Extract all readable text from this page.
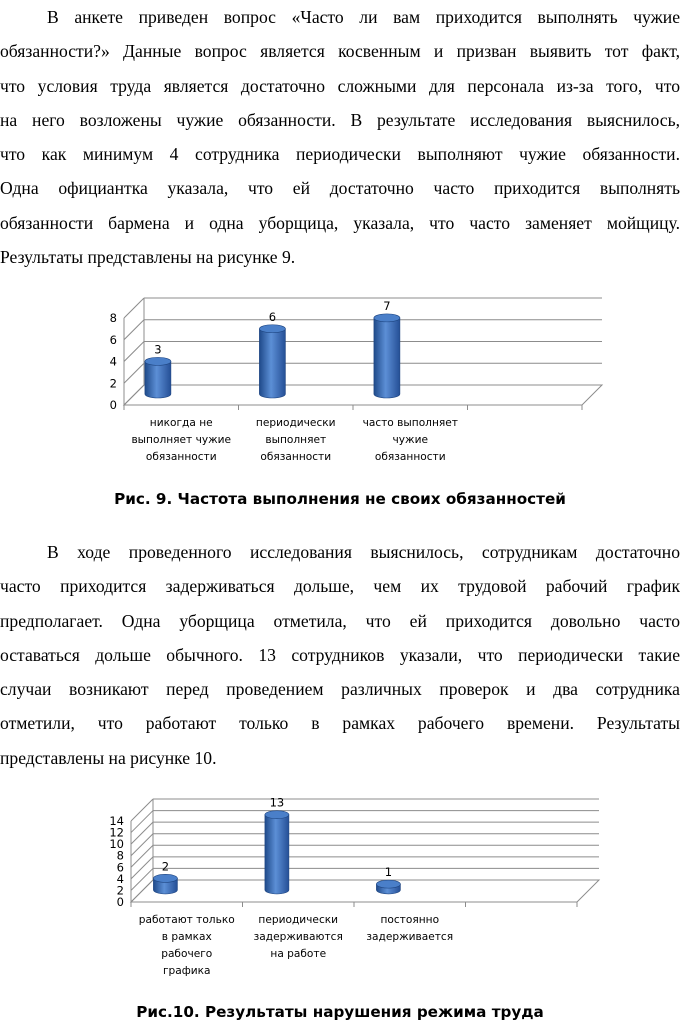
В анкете приведен вопрос «Часто ли вам приходится выполнять чужие
обязанности?» Данные вопрос является косвенным и призван выявить тот факт,
что условия труда является достаточно сложными для персонала из-за того, что
на него возложены чужие обязанности. В результате исследования выяснилось,
что как минимум 4 сотрудника периодически выполняют чужие обязанности.
Одна официантка указала, что ей достаточно часто приходится выполнять
обязанности бармена и одна уборщица, указала, что часто заменяет мойщицу.
Результаты представлены на рисунке 9.
0
2
4
6
8
3
никогда не
выполняет чужие
обязанности
6
периодически
выполняет
обязанности
7
часто выполняет
чужие
обязанности
Рис. 9. Частота выполнения не своих обязанностей
В ходе проведенного исследования выяснилось, сотрудникам достаточно
часто приходится задерживаться дольше, чем их трудовой рабочий график
предполагает. Одна уборщица отметила, что ей приходится довольно часто
оставаться дольше обычного. 13 сотрудников указали, что периодически такие
случаи возникают перед проведением различных проверок и два сотрудника
отметили, что работают только в рамках рабочего времени. Результаты
представлены на рисунке 10.
0
2
4
6
8
10
12
14
2
работают только
в рамках
рабочего
графика
13
периодически
задерживаются
на работе
1
постоянно
задерживается
Рис.10. Результаты нарушения режима труда
